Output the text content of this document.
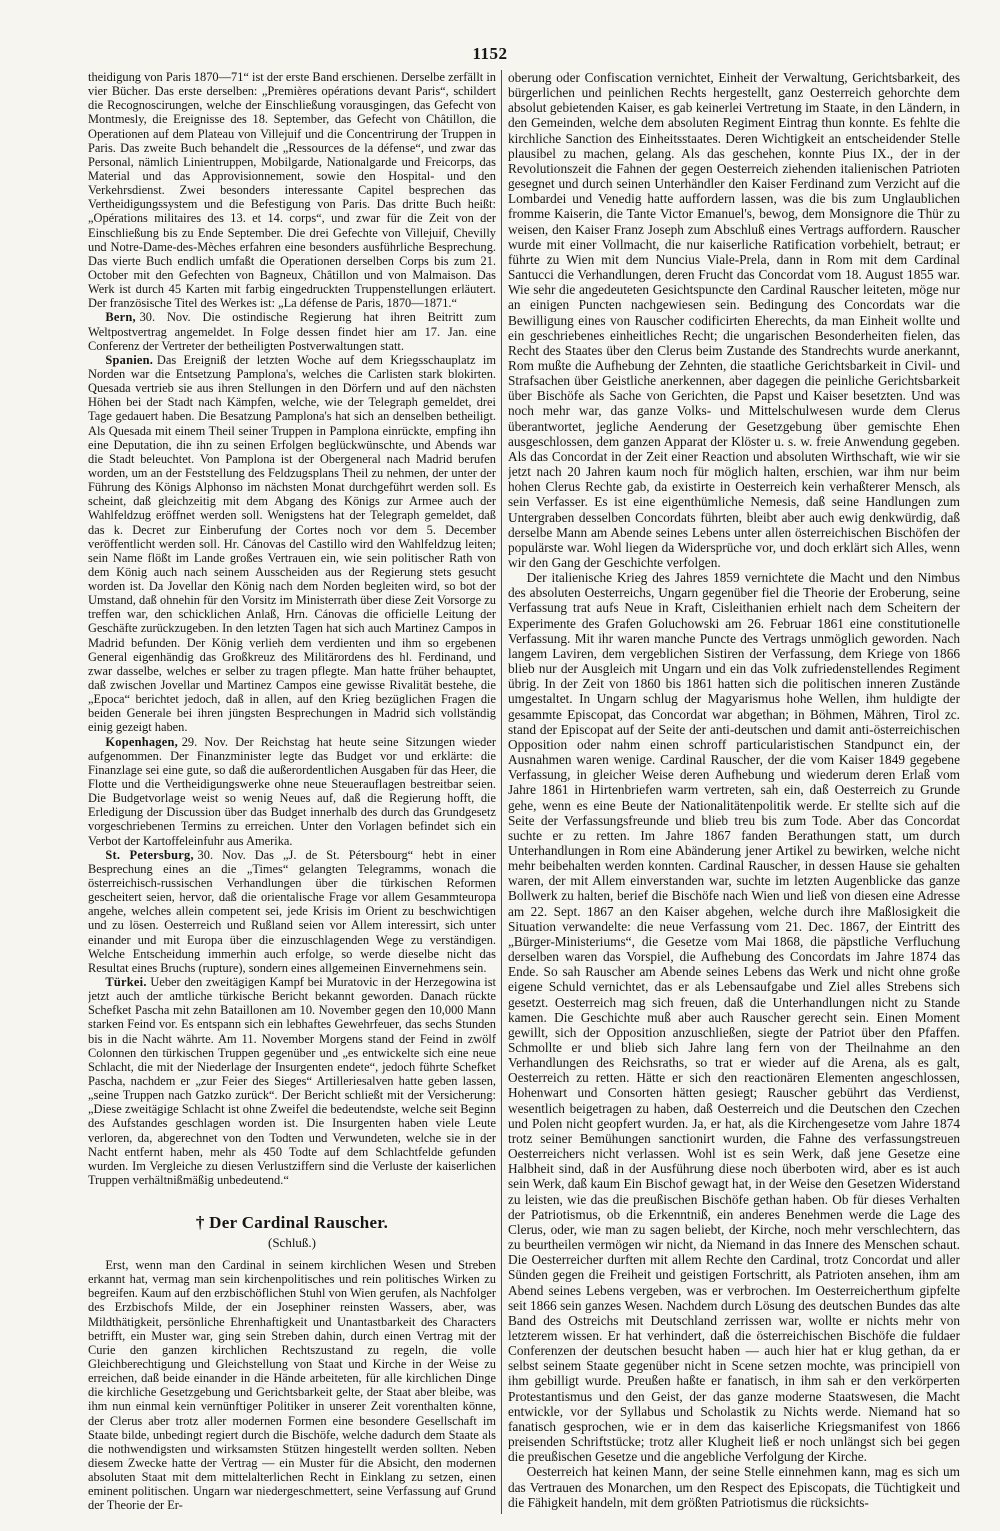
1152

theidigung von Paris 1870—71“ ist der erste Band erschienen. Derselbe zerfällt in vier Bücher. Das erste derselben: „Premières opérations devant Paris“, schildert die Recognoscirungen, welche der Einschließung vorausgingen, das Gefecht von Montmesly, die Ereignisse des 18. September, das Gefecht von Châtillon, die Operationen auf dem Plateau von Villejuif und die Concentrirung der Truppen in Paris. Das zweite Buch behandelt die „Ressources de la défense“, und zwar das Personal, nämlich Linientruppen, Mobilgarde, Nationalgarde und Freicorps, das Material und das Approvisionnement, sowie den Hospital- und den Verkehrsdienst. Zwei besonders interessante Capitel besprechen das Vertheidigungssystem und die Befestigung von Paris. Das dritte Buch heißt: „Opérations militaires des 13. et 14. corps“, und zwar für die Zeit von der Einschließung bis zu Ende September. Die drei Gefechte von Villejuif, Chevilly und Notre-Dame-des-Mèches erfahren eine besonders ausführliche Besprechung. Das vierte Buch endlich umfaßt die Operationen derselben Corps bis zum 21. October mit den Gefechten von Bagneux, Châtillon und von Malmaison. Das Werk ist durch 45 Karten mit farbig eingedruckten Truppenstellungen erläutert. Der französische Titel des Werkes ist: „La défense de Paris, 1870—1871.“

Bern, 30. Nov. Die ostindische Regierung hat ihren Beitritt zum Weltpostvertrag angemeldet. In Folge dessen findet hier am 17. Jan. eine Conferenz der Vertreter der betheiligten Postverwaltungen statt.

Spanien. Das Ereigniß der letzten Woche auf dem Kriegsschauplatz im Norden war die Entsetzung Pamplona's, welches die Carlisten stark blokirten. Quesada vertrieb sie aus ihren Stellungen in den Dörfern und auf den nächsten Höhen bei der Stadt nach Kämpfen, welche, wie der Telegraph gemeldet, drei Tage gedauert haben. Die Besatzung Pamplona's hat sich an denselben betheiligt. Als Quesada mit einem Theil seiner Truppen in Pamplona einrückte, empfing ihn eine Deputation, die ihn zu seinen Erfolgen beglückwünschte, und Abends war die Stadt beleuchtet. Von Pamplona ist der Obergeneral nach Madrid berufen worden, um an der Feststellung des Feldzugsplans Theil zu nehmen, der unter der Führung des Königs Alphonso im nächsten Monat durchgeführt werden soll. Es scheint, daß gleichzeitig mit dem Abgang des Königs zur Armee auch der Wahlfeldzug eröffnet werden soll. Wenigstens hat der Telegraph gemeldet, daß das k. Decret zur Einberufung der Cortes noch vor dem 5. December veröffentlicht werden soll. Hr. Cánovas del Castillo wird den Wahlfeldzug leiten; sein Name flößt im Lande großes Vertrauen ein, wie sein politischer Rath von dem König auch nach seinem Ausscheiden aus der Regierung stets gesucht worden ist. Da Jovellar den König nach dem Norden begleiten wird, so bot der Umstand, daß ohnehin für den Vorsitz im Ministerrath über diese Zeit Vorsorge zu treffen war, den schicklichen Anlaß, Hrn. Cánovas die officielle Leitung der Geschäfte zurückzugeben. In den letzten Tagen hat sich auch Martinez Campos in Madrid befunden. Der König verlieh dem verdienten und ihm so ergebenen General eigenhändig das Großkreuz des Militärordens des hl. Ferdinand, und zwar dasselbe, welches er selber zu tragen pflegte. Man hatte früher behauptet, daß zwischen Jovellar und Martinez Campos eine gewisse Rivalität bestehe, die „Epoca“ berichtet jedoch, daß in allen, auf den Krieg bezüglichen Fragen die beiden Generale bei ihren jüngsten Besprechungen in Madrid sich vollständig einig gezeigt haben.

Kopenhagen, 29. Nov. Der Reichstag hat heute seine Sitzungen wieder aufgenommen. Der Finanzminister legte das Budget vor und erklärte: die Finanzlage sei eine gute, so daß die außerordentlichen Ausgaben für das Heer, die Flotte und die Vertheidigungswerke ohne neue Steuerauflagen bestreitbar seien. Die Budgetvorlage weist so wenig Neues auf, daß die Regierung hofft, die Erledigung der Discussion über das Budget innerhalb des durch das Grundgesetz vorgeschriebenen Termins zu erreichen. Unter den Vorlagen befindet sich ein Verbot der Kartoffeleinfuhr aus Amerika.

St. Petersburg, 30. Nov. Das „J. de St. Pétersbourg“ hebt in einer Besprechung eines an die „Times“ gelangten Telegramms, wonach die österreichisch-russischen Verhandlungen über die türkischen Reformen gescheitert seien, hervor, daß die orientalische Frage vor allem Gesammteuropa angehe, welches allein competent sei, jede Krisis im Orient zu beschwichtigen und zu lösen. Oesterreich und Rußland seien vor Allem interessirt, sich unter einander und mit Europa über die einzuschlagenden Wege zu verständigen. Welche Entscheidung immerhin auch erfolge, so werde dieselbe nicht das Resultat eines Bruchs (rupture), sondern eines allgemeinen Einvernehmens sein.

Türkei. Ueber den zweitägigen Kampf bei Muratovic in der Herzegowina ist jetzt auch der amtliche türkische Bericht bekannt geworden. Danach rückte Schefket Pascha mit zehn Bataillonen am 10. November gegen den 10,000 Mann starken Feind vor. Es entspann sich ein lebhaftes Gewehrfeuer, das sechs Stunden bis in die Nacht währte. Am 11. November Morgens stand der Feind in zwölf Colonnen den türkischen Truppen gegenüber und „es entwickelte sich eine neue Schlacht, die mit der Niederlage der Insurgenten endete“, jedoch führte Schefket Pascha, nachdem er „zur Feier des Sieges“ Artilleriesalven hatte geben lassen, „seine Truppen nach Gatzko zurück“. Der Bericht schließt mit der Versicherung: „Diese zweitägige Schlacht ist ohne Zweifel die bedeutendste, welche seit Beginn des Aufstandes geschlagen worden ist. Die Insurgenten haben viele Leute verloren, da, abgerechnet von den Todten und Verwundeten, welche sie in der Nacht entfernt haben, mehr als 450 Todte auf dem Schlachtfelde gefunden wurden. Im Vergleiche zu diesen Verlustziffern sind die Verluste der kaiserlichen Truppen verhältnißmäßig unbedeutend.“

† Der Cardinal Rauscher.
(Schluß.)

Erst, wenn man den Cardinal in seinem kirchlichen Wesen und Streben erkannt hat, vermag man sein kirchenpolitisches und rein politisches Wirken zu begreifen. Kaum auf den erzbischöflichen Stuhl von Wien gerufen, als Nachfolger des Erzbischofs Milde, der ein Josephiner reinsten Wassers, aber, was Mildthätigkeit, persönliche Ehrenhaftigkeit und Unantastbarkeit des Characters betrifft, ein Muster war, ging sein Streben dahin, durch einen Vertrag mit der Curie den ganzen kirchlichen Rechtszustand zu regeln, die volle Gleichberechtigung und Gleichstellung von Staat und Kirche in der Weise zu erreichen, daß beide einander in die Hände arbeiteten, für alle kirchlichen Dinge die kirchliche Gesetzgebung und Gerichtsbarkeit gelte, der Staat aber bleibe, was ihm nun einmal kein vernünftiger Politiker in unserer Zeit vorenthalten könne, der Clerus aber trotz aller modernen Formen eine besondere Gesellschaft im Staate bilde, unbedingt regiert durch die Bischöfe, welche dadurch dem Staate als die nothwendigsten und wirksamsten Stützen hingestellt werden sollten. Neben diesem Zwecke hatte der Vertrag — ein Muster für die Absicht, den modernen absoluten Staat mit dem mittelalterlichen Recht in Einklang zu setzen, einen eminent politischen. Ungarn war niedergeschmettert, seine Verfassung auf Grund der Theorie der Er-

oberung oder Confiscation vernichtet, Einheit der Verwaltung, Gerichtsbarkeit, des bürgerlichen und peinlichen Rechts hergestellt, ganz Oesterreich gehorchte dem absolut gebietenden Kaiser, es gab keinerlei Vertretung im Staate, in den Ländern, in den Gemeinden, welche dem absoluten Regiment Eintrag thun konnte. Es fehlte die kirchliche Sanction des Einheitsstaates. Deren Wichtigkeit an entscheidender Stelle plausibel zu machen, gelang. Als das geschehen, konnte Pius IX., der in der Revolutionszeit die Fahnen der gegen Oesterreich ziehenden italienischen Patrioten gesegnet und durch seinen Unterhändler den Kaiser Ferdinand zum Verzicht auf die Lombardei und Venedig hatte auffordern lassen, was die bis zum Unglaublichen fromme Kaiserin, die Tante Victor Emanuel's, bewog, dem Monsignore die Thür zu weisen, den Kaiser Franz Joseph zum Abschluß eines Vertrags auffordern. Rauscher wurde mit einer Vollmacht, die nur kaiserliche Ratification vorbehielt, betraut; er führte zu Wien mit dem Nuncius Viale-Prela, dann in Rom mit dem Cardinal Santucci die Verhandlungen, deren Frucht das Concordat vom 18. August 1855 war. Wie sehr die angedeuteten Gesichtspuncte den Cardinal Rauscher leiteten, möge nur an einigen Puncten nachgewiesen sein. Bedingung des Concordats war die Bewilligung eines von Rauscher codificirten Eherechts, da man Einheit wollte und ein geschriebenes einheitliches Recht; die ungarischen Besonderheiten fielen, das Recht des Staates über den Clerus beim Zustande des Standrechts wurde anerkannt, Rom mußte die Aufhebung der Zehnten, die staatliche Gerichtsbarkeit in Civil- und Strafsachen über Geistliche anerkennen, aber dagegen die peinliche Gerichtsbarkeit über Bischöfe als Sache von Gerichten, die Papst und Kaiser besetzten. Und was noch mehr war, das ganze Volks- und Mittelschulwesen wurde dem Clerus überantwortet, jegliche Aenderung der Gesetzgebung über gemischte Ehen ausgeschlossen, dem ganzen Apparat der Klöster u. s. w. freie Anwendung gegeben. Als das Concordat in der Zeit einer Reaction und absoluten Wirthschaft, wie wir sie jetzt nach 20 Jahren kaum noch für möglich halten, erschien, war ihm nur beim hohen Clerus Rechte gab, da existirte in Oesterreich kein verhaßterer Mensch, als sein Verfasser. Es ist eine eigenthümliche Nemesis, daß seine Handlungen zum Untergraben desselben Concordats führten, bleibt aber auch ewig denkwürdig, daß derselbe Mann am Abende seines Lebens unter allen österreichischen Bischöfen der populärste war. Wohl liegen da Widersprüche vor, und doch erklärt sich Alles, wenn wir den Gang der Geschichte verfolgen.

Der italienische Krieg des Jahres 1859 vernichtete die Macht und den Nimbus des absoluten Oesterreichs, Ungarn gegenüber fiel die Theorie der Eroberung, seine Verfassung trat aufs Neue in Kraft, Cisleithanien erhielt nach dem Scheitern der Experimente des Grafen Goluchowski am 26. Februar 1861 eine constitutionelle Verfassung. Mit ihr waren manche Puncte des Vertrags unmöglich geworden. Nach langem Laviren, dem vergeblichen Sistiren der Verfassung, dem Kriege von 1866 blieb nur der Ausgleich mit Ungarn und ein das Volk zufriedenstellendes Regiment übrig. In der Zeit von 1860 bis 1861 hatten sich die politischen inneren Zustände umgestaltet. In Ungarn schlug der Magyarismus hohe Wellen, ihm huldigte der gesammte Episcopat, das Concordat war abgethan; in Böhmen, Mähren, Tirol zc. stand der Episcopat auf der Seite der anti-deutschen und damit anti-österreichischen Opposition oder nahm einen schroff particularistischen Standpunct ein, der Ausnahmen waren wenige. Cardinal Rauscher, der die vom Kaiser 1849 gegebene Verfassung, in gleicher Weise deren Aufhebung und wiederum deren Erlaß vom Jahre 1861 in Hirtenbriefen warm vertreten, sah ein, daß Oesterreich zu Grunde gehe, wenn es eine Beute der Nationalitätenpolitik werde. Er stellte sich auf die Seite der Verfassungsfreunde und blieb treu bis zum Tode. Aber das Concordat suchte er zu retten. Im Jahre 1867 fanden Berathungen statt, um durch Unterhandlungen in Rom eine Abänderung jener Artikel zu bewirken, welche nicht mehr beibehalten werden konnten. Cardinal Rauscher, in dessen Hause sie gehalten waren, der mit Allem einverstanden war, suchte im letzten Augenblicke das ganze Bollwerk zu halten, berief die Bischöfe nach Wien und ließ von diesen eine Adresse am 22. Sept. 1867 an den Kaiser abgehen, welche durch ihre Maßlosigkeit die Situation verwandelte: die neue Verfassung vom 21. Dec. 1867, der Eintritt des „Bürger-Ministeriums“, die Gesetze vom Mai 1868, die päpstliche Verfluchung derselben waren das Vorspiel, die Aufhebung des Concordats im Jahre 1874 das Ende. So sah Rauscher am Abende seines Lebens das Werk und nicht ohne große eigene Schuld vernichtet, das er als Lebensaufgabe und Ziel alles Strebens sich gesetzt. Oesterreich mag sich freuen, daß die Unterhandlungen nicht zu Stande kamen. Die Geschichte muß aber auch Rauscher gerecht sein. Einen Moment gewillt, sich der Opposition anzuschließen, siegte der Patriot über den Pfaffen. Schmollte er und blieb sich Jahre lang fern von der Theilnahme an den Verhandlungen des Reichsraths, so trat er wieder auf die Arena, als es galt, Oesterreich zu retten. Hätte er sich den reactionären Elementen angeschlossen, Hohenwart und Consorten hätten gesiegt; Rauscher gebührt das Verdienst, wesentlich beigetragen zu haben, daß Oesterreich und die Deutschen den Czechen und Polen nicht geopfert wurden. Ja, er hat, als die Kirchengesetze vom Jahre 1874 trotz seiner Bemühungen sanctionirt wurden, die Fahne des verfassungstreuen Oesterreichers nicht verlassen. Wohl ist es sein Werk, daß jene Gesetze eine Halbheit sind, daß in der Ausführung diese noch überboten wird, aber es ist auch sein Werk, daß kaum Ein Bischof gewagt hat, in der Weise den Gesetzen Widerstand zu leisten, wie das die preußischen Bischöfe gethan haben. Ob für dieses Verhalten der Patriotismus, ob die Erkenntniß, ein anderes Benehmen werde die Lage des Clerus, oder, wie man zu sagen beliebt, der Kirche, noch mehr verschlechtern, das zu beurtheilen vermögen wir nicht, da Niemand in das Innere des Menschen schaut. Die Oesterreicher durften mit allem Rechte den Cardinal, trotz Concordat und aller Sünden gegen die Freiheit und geistigen Fortschritt, als Patrioten ansehen, ihm am Abend seines Lebens vergeben, was er verbrochen. Im Oesterreicherthum gipfelte seit 1866 sein ganzes Wesen. Nachdem durch Lösung des deutschen Bundes das alte Band des Ostreichs mit Deutschland zerrissen war, wollte er nichts mehr von letzterem wissen. Er hat verhindert, daß die österreichischen Bischöfe die fuldaer Conferenzen der deutschen besucht haben — auch hier hat er klug gethan, da er selbst seinem Staate gegenüber nicht in Scene setzen mochte, was principiell von ihm gebilligt wurde. Preußen haßte er fanatisch, in ihm sah er den verkörperten Protestantismus und den Geist, der das ganze moderne Staatswesen, die Macht entwickle, vor der Syllabus und Scholastik zu Nichts werde. Niemand hat so fanatisch gesprochen, wie er in dem das kaiserliche Kriegsmanifest von 1866 preisenden Schriftstücke; trotz aller Klugheit ließ er noch unlängst sich bei gegen die preußischen Gesetze und die angebliche Verfolgung der Kirche.

Oesterreich hat keinen Mann, der seine Stelle einnehmen kann, mag es sich um das Vertrauen des Monarchen, um den Respect des Episcopats, die Tüchtigkeit und die Fähigkeit handeln, mit dem größten Patriotismus die rücksichts-
